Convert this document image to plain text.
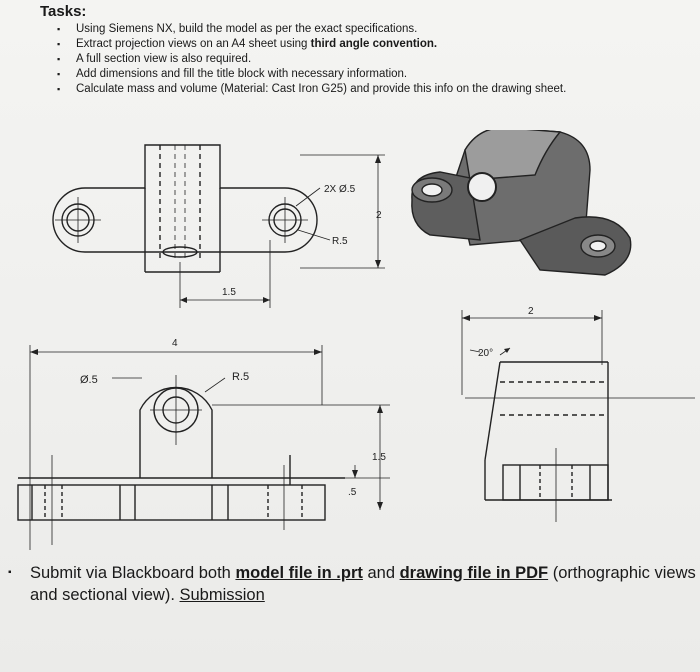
Tasks:
▪ Using Siemens NX, build the model as per the exact specifications.
▪ Extract projection views on an A4 sheet using third angle convention.
▪ A full section view is also required.
▪ Add dimensions and fill the title block with necessary information.
▪ Calculate mass and volume (Material: Cast Iron G25) and provide this info on the drawing sheet.
2X Ø.5
R.5
2
1.5
4
Ø.5	R.5
1.5
.5
2
20°
▪ Submit via Blackboard both model file in .prt and drawing file in PDF (orthographic views and sectional view). Submission
